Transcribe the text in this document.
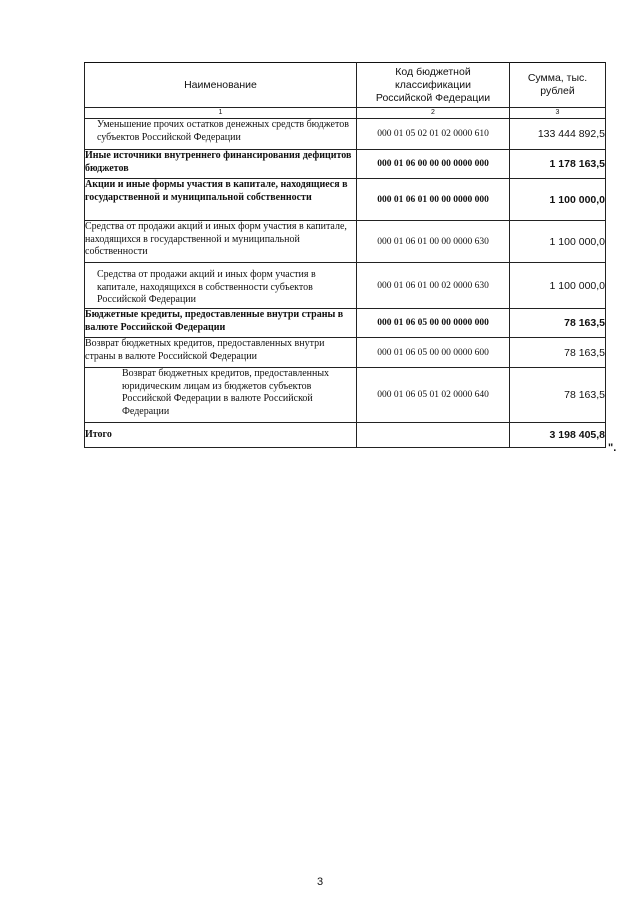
Наименование	Код бюджетной классификации Российской Федерации	Сумма, тыс. рублей
1	2	3
Уменьшение прочих остатков денежных средств бюджетов субъектов Российской Федерации	000 01 05 02 01 02 0000 610	133 444 892,5
Иные источники внутреннего финансирования дефицитов бюджетов	000 01 06 00 00 00 0000 000	1 178 163,5
Акции и иные формы участия в капитале, находящиеся в государственной и муниципальной собственности	000 01 06 01 00 00 0000 000	1 100 000,0
Средства от продажи акций и иных форм участия в капитале, находящихся в государственной и муниципальной собственности	000 01 06 01 00 00 0000 630	1 100 000,0
Средства от продажи акций и иных форм участия в капитале, находящихся в собственности субъектов Российской Федерации	000 01 06 01 00 02 0000 630	1 100 000,0
Бюджетные кредиты, предоставленные внутри страны в валюте Российской Федерации	000 01 06 05 00 00 0000 000	78 163,5
Возврат бюджетных кредитов, предоставленных внутри страны в валюте Российской Федерации	000 01 06 05 00 00 0000 600	78 163,5
Возврат бюджетных кредитов, предоставленных юридическим лицам из бюджетов субъектов Российской Федерации в валюте Российской Федерации	000 01 06 05 01 02 0000 640	78 163,5
Итого		3 198 405,8
".
3
